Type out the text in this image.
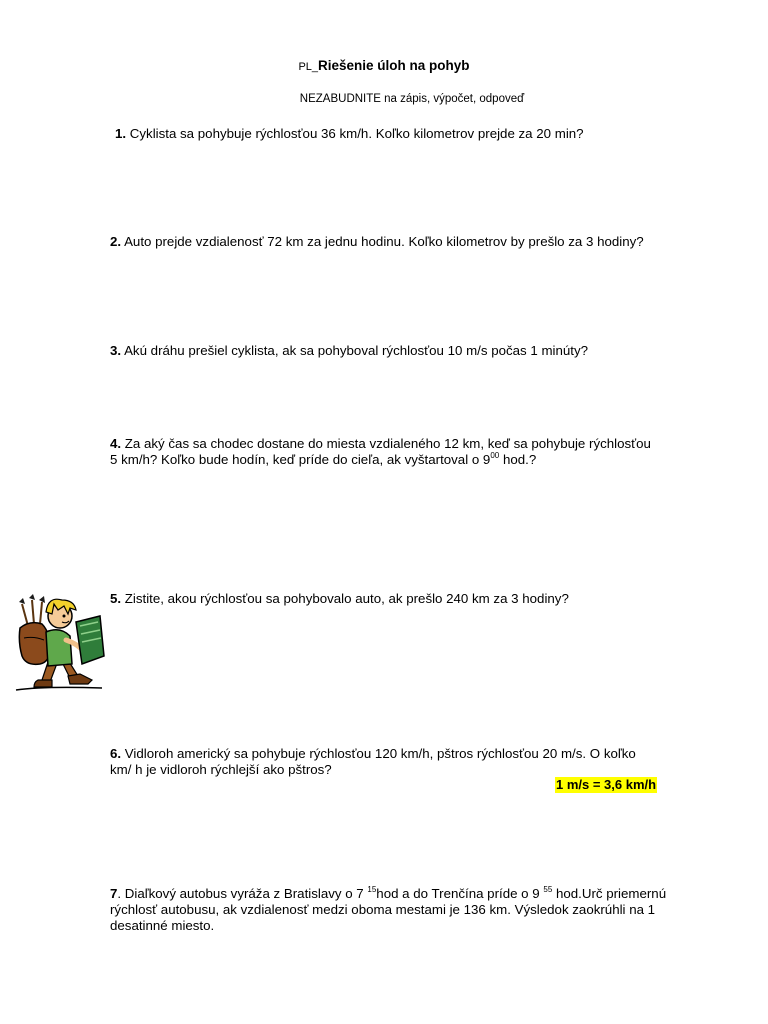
PL_Riešenie úloh na pohyb
NEZABUDNITE na zápis, výpočet, odpoveď
1. Cyklista sa pohybuje rýchlosťou 36 km/h. Koľko kilometrov prejde za 20 min?
2. Auto prejde vzdialenosť 72 km za jednu hodinu. Koľko kilometrov by prešlo za 3 hodiny?
3. Akú dráhu prešiel cyklista, ak sa pohyboval rýchlosťou 10 m/s počas 1 minúty?
4. Za aký čas sa chodec dostane do miesta vzdialeného 12 km, keď sa pohybuje rýchlosťou
5 km/h? Koľko bude hodín, keď príde do cieľa, ak vyštartoval o $9^{00}$ hod.?
5. Zistite, akou rýchlosťou sa pohybovalo auto, ak prešlo 240 km za 3 hodiny?
6. Vidloroh americký sa pohybuje rýchlosťou 120 km/h, pštros rýchlosťou 20 m/s. O koľko
km/ h je vidloroh rýchlejší ako pštros?
1 m/s = 3,6 km/h
7. Diaľkový autobus vyráža z Bratislavy o 7 $^{15}$hod a do Trenčína príde o 9 $^{55}$ hod.Urč priemernú
rýchlosť autobusu, ak vzdialenosť medzi oboma mestami je 136 km. Výsledok zaokrúhli na 1
desatinné miesto.
